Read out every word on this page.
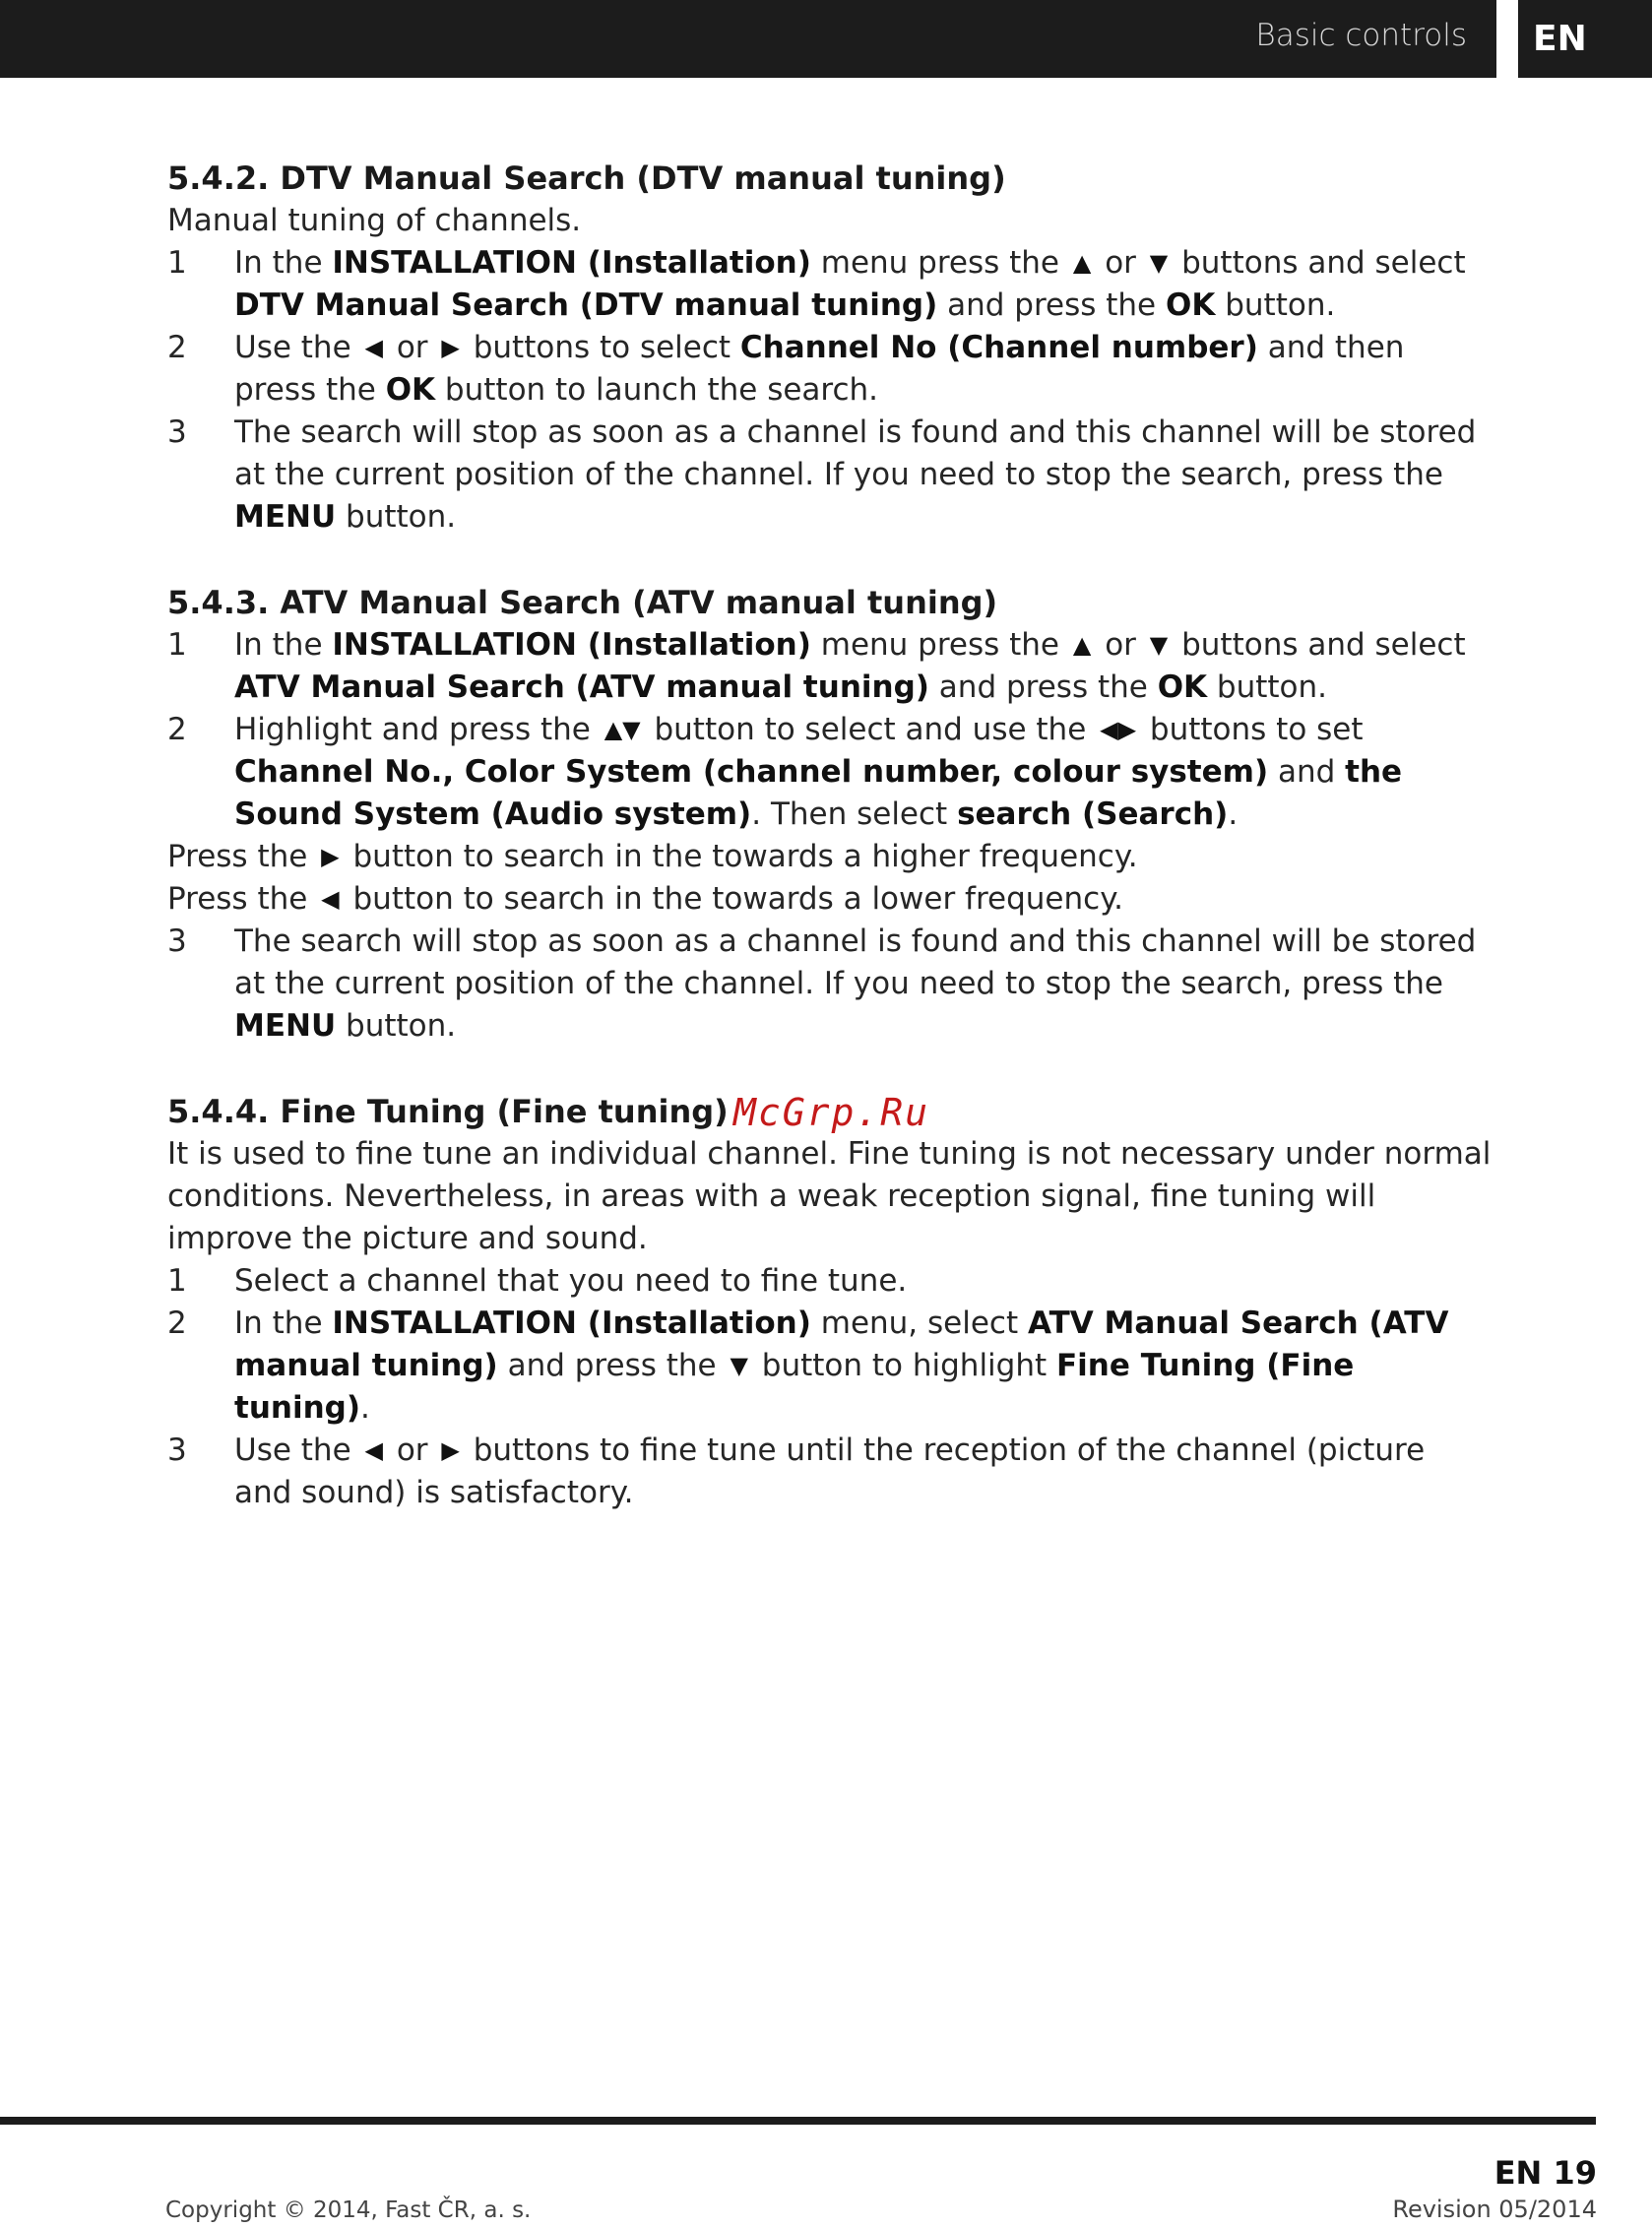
Basic controls	EN
5.4.2. DTV Manual Search (DTV manual tuning)

Manual tuning of channels.

1 In the INSTALLATION (Installation) menu press the ▲ or ▼ buttons and select DTV Manual Search (DTV manual tuning) and press the OK button.
2 Use the ◀ or ▶ buttons to select Channel No (Channel number) and then press the OK button to launch the search.
3 The search will stop as soon as a channel is found and this channel will be stored at the current position of the channel. If you need to stop the search, press the MENU button.
5.4.3. ATV Manual Search (ATV manual tuning)
1 In the INSTALLATION (Installation) menu press the ▲ or ▼ buttons and select ATV Manual Search (ATV manual tuning) and press the OK button.
2 Highlight and press the ▲▼ button to select and use the ◀▶ buttons to set Channel No., Color System (channel number, colour system) and the Sound System (Audio system). Then select search (Search).

Press the ▶ button to search in the towards a higher frequency.

Press the ◀ button to search in the towards a lower frequency.

3 The search will stop as soon as a channel is found and this channel will be stored at the current position of the channel. If you need to stop the search, press the MENU button.
5.4.4. Fine Tuning (Fine tuning)

It is used to fine tune an individual channel. Fine tuning is not necessary under normal conditions. Nevertheless, in areas with a weak reception signal, fine tuning will improve the picture and sound.

1 Select a channel that you need to fine tune.
2 In the INSTALLATION (Installation) menu, select ATV Manual Search (ATV manual tuning) and press the ▼ button to highlight Fine Tuning (Fine tuning).
3 Use the ◀ or ▶ buttons to fine tune until the reception of the channel (picture and sound) is satisfactory.
McGrp.Ru
EN 19
Copyright © 2014, Fast ČR, a. s.	Revision 05/2014
